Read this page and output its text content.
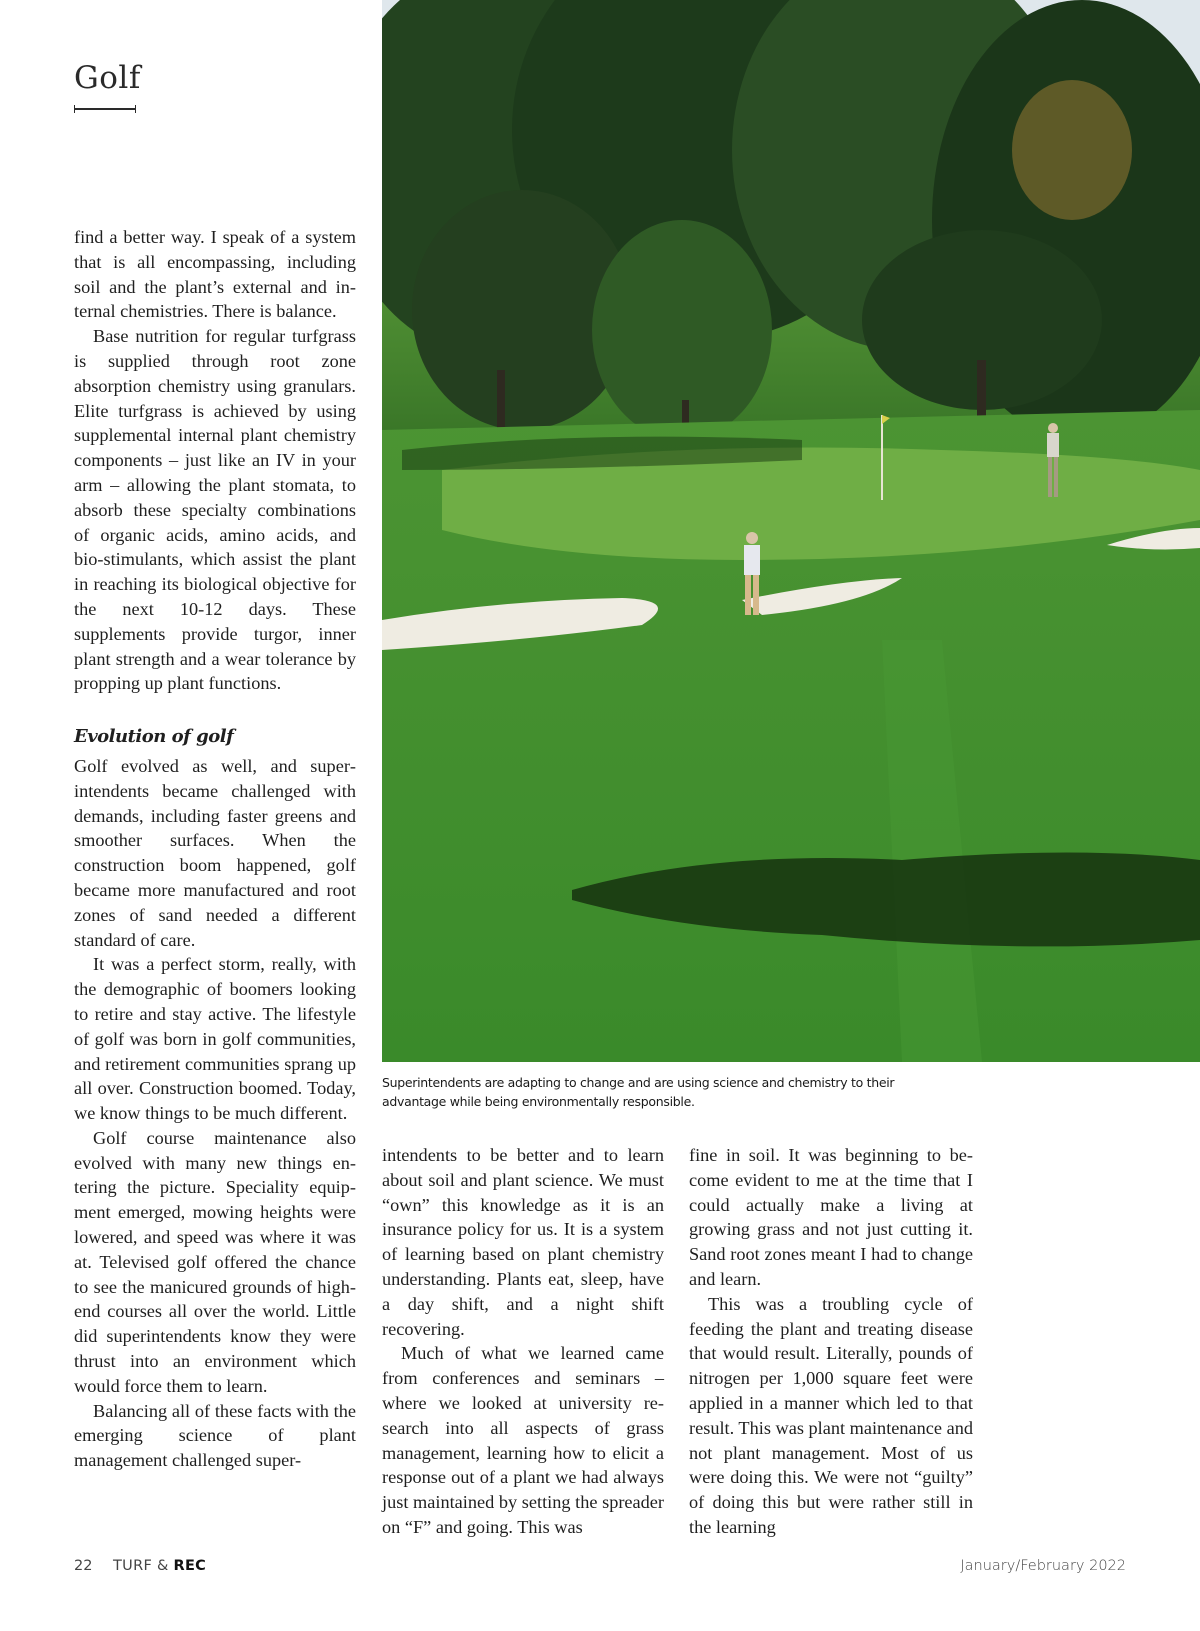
Golf

find a better way. I speak of a system that is all encompassing, including soil and the plant’s external and internal chemistries. There is balance.

Base nutrition for regular turfgrass is supplied through root zone absorption chemistry using granulars. Elite turfgrass is achieved by using supplemental internal plant chemistry components – just like an IV in your arm – allowing the plant stomata, to absorb these specialty combinations of organic acids, amino acids, and bio-stimulants, which assist the plant in reaching its biological objective for the next 10-12 days. These supplements provide turgor, inner plant strength and a wear tolerance by propping up plant functions.

Evolution of golf

Golf evolved as well, and superintendents became challenged with demands, including faster greens and smoother surfaces. When the construction boom happened, golf became more manufactured and root zones of sand needed a different standard of care.

It was a perfect storm, really, with the demographic of boomers looking to retire and stay active. The lifestyle of golf was born in golf communities, and retirement communities sprang up all over. Construction boomed. Today, we know things to be much different.

Golf course maintenance also evolved with many new things entering the picture. Speciality equipment emerged, mowing heights were lowered, and speed was where it was at. Televised golf offered the chance to see the manicured grounds of high-end courses all over the world. Little did superintendents know they were thrust into an environment which would force them to learn.

Balancing all of these facts with the emerging science of plant management challenged super-

Superintendents are adapting to change and are using science and chemistry to their advantage while being environmentally responsible.

intendents to be better and to learn about soil and plant science. We must “own” this knowledge as it is an insurance policy for us. It is a system of learning based on plant chemistry understanding. Plants eat, sleep, have a day shift, and a night shift recovering.

Much of what we learned came from conferences and seminars – where we looked at university research into all aspects of grass management, learning how to elicit a response out of a plant we had always just maintained by setting the spreader on “F” and going. This was

fine in soil. It was beginning to become evident to me at the time that I could actually make a living at growing grass and not just cutting it. Sand root zones meant I had to change and learn.

This was a troubling cycle of feeding the plant and treating disease that would result. Literally, pounds of nitrogen per 1,000 square feet were applied in a manner which led to that result. This was plant maintenance and not plant management. Most of us were doing this. We were not “guilty” of doing this but were rather still in the learning

22 TURF & REC	January/February 2022
